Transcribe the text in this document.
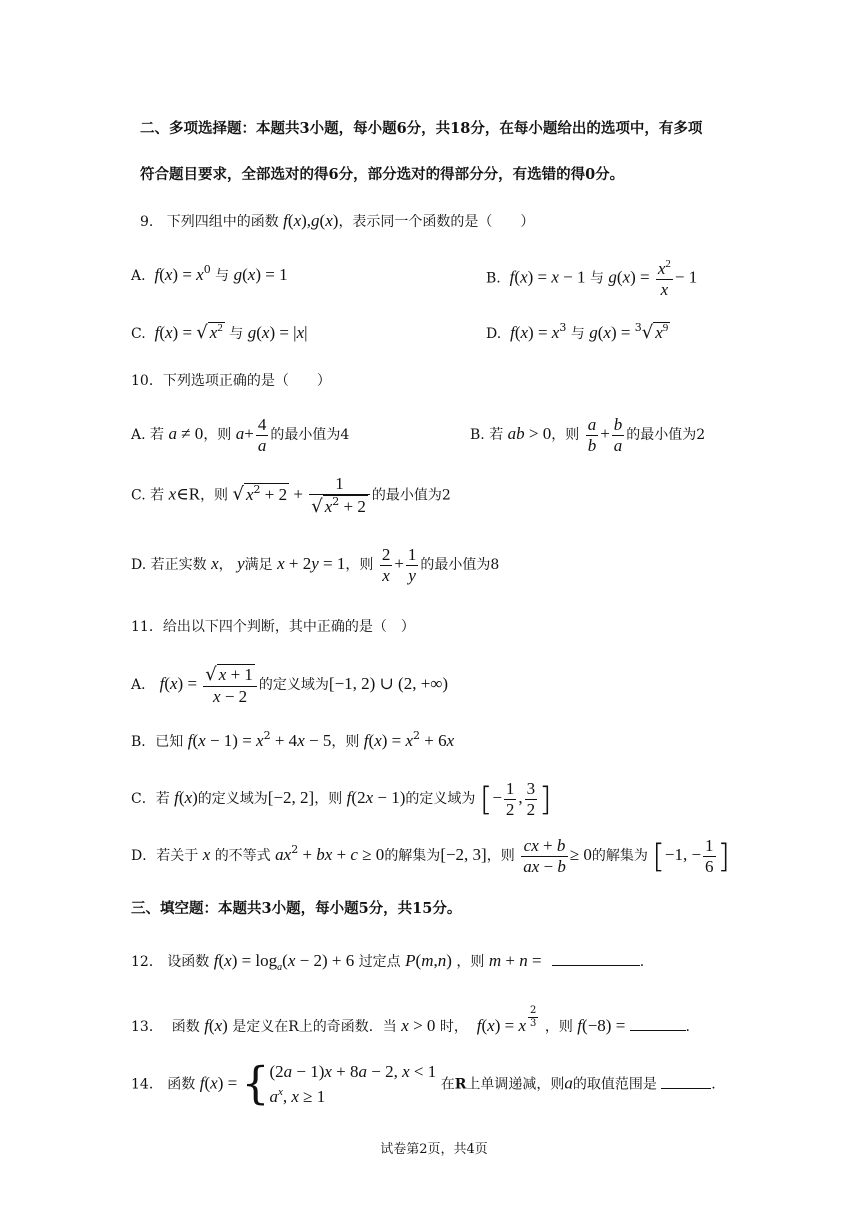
二、多项选择题：本题共3小题，每小题6分，共18分，在每小题给出的选项中，有多项
符合题目要求，全部选对的得6分，部分选对的得部分分，有选错的得0分。
9. 下列四组中的函数 f(x),g(x)，表示同一个函数的是（　　）
A. $f(x) = x^0$ 与 g(x) = 1	B. f(x) = x − 1 与 $g(x) = \frac{x^2}{x} - 1$
C. f(x) = √ $x^2$ 与 g(x) = |x|	D. $f(x) = x^3$ 与 g(x) = $^3$√ $x^9$
10．下列选项正确的是（　　）
A. 若 a ≠ 0，则 $a+ \frac{4}{a}$ 的最小值为4	B. 若 ab > 0，则 $\frac{a}{b} + \frac{b}{a}$ 的最小值为2
C. 若 x∈R，则 √ $x^2 + 2 + \frac{1}{√ x^2 + 2}$ 的最小值为2
D. 若正实数 x， y满足 x + 2y = 1，则 $\frac{2}{x} + \frac{1}{y}$ 的最小值为8
11．给出以下四个判断，其中正确的是（　）
A． $f(x) = \frac{√ x + 1}{x - 2}$ 的定义域为[−1, 2) ∪ (2, +∞)
B．已知 $f(x - 1) = x^2 + 4x - 5$，则 $f(x) = x^2 + 6x$
C．若 f(x)的定义域为[−2, 2]，则 f(2x − 1)的定义域为 [− $\frac{1}{2}$ , $\frac{3}{2}$ ]
D．若关于 x 的不等式 $ax^2$ + bx + c ≥ 0的解集为[−2, 3]，则 $\frac{cx + b}{ax - b} \ge 0$的解集为 [−1, − $\frac{1}{6}$ ]
三、填空题：本题共3小题，每小题5分，共15分。
12． 设函数 $f(x) = \log_a(x - 2) + 6$ 过定点 P(m,n) ，则 m + n =	.
13． 函数 f(x) 是定义在R上的奇函数．当 x > 0 时， f(x) = x $\frac{2}{3}$ ，则 f(−8) =	.
14． 函数 f(x) = { (2a − 1)x + 8a − 2, x < 1
$a^x$, x ≥ 1
在R上单调递减，则a的取值范围是	.
试卷第2页，共4页
